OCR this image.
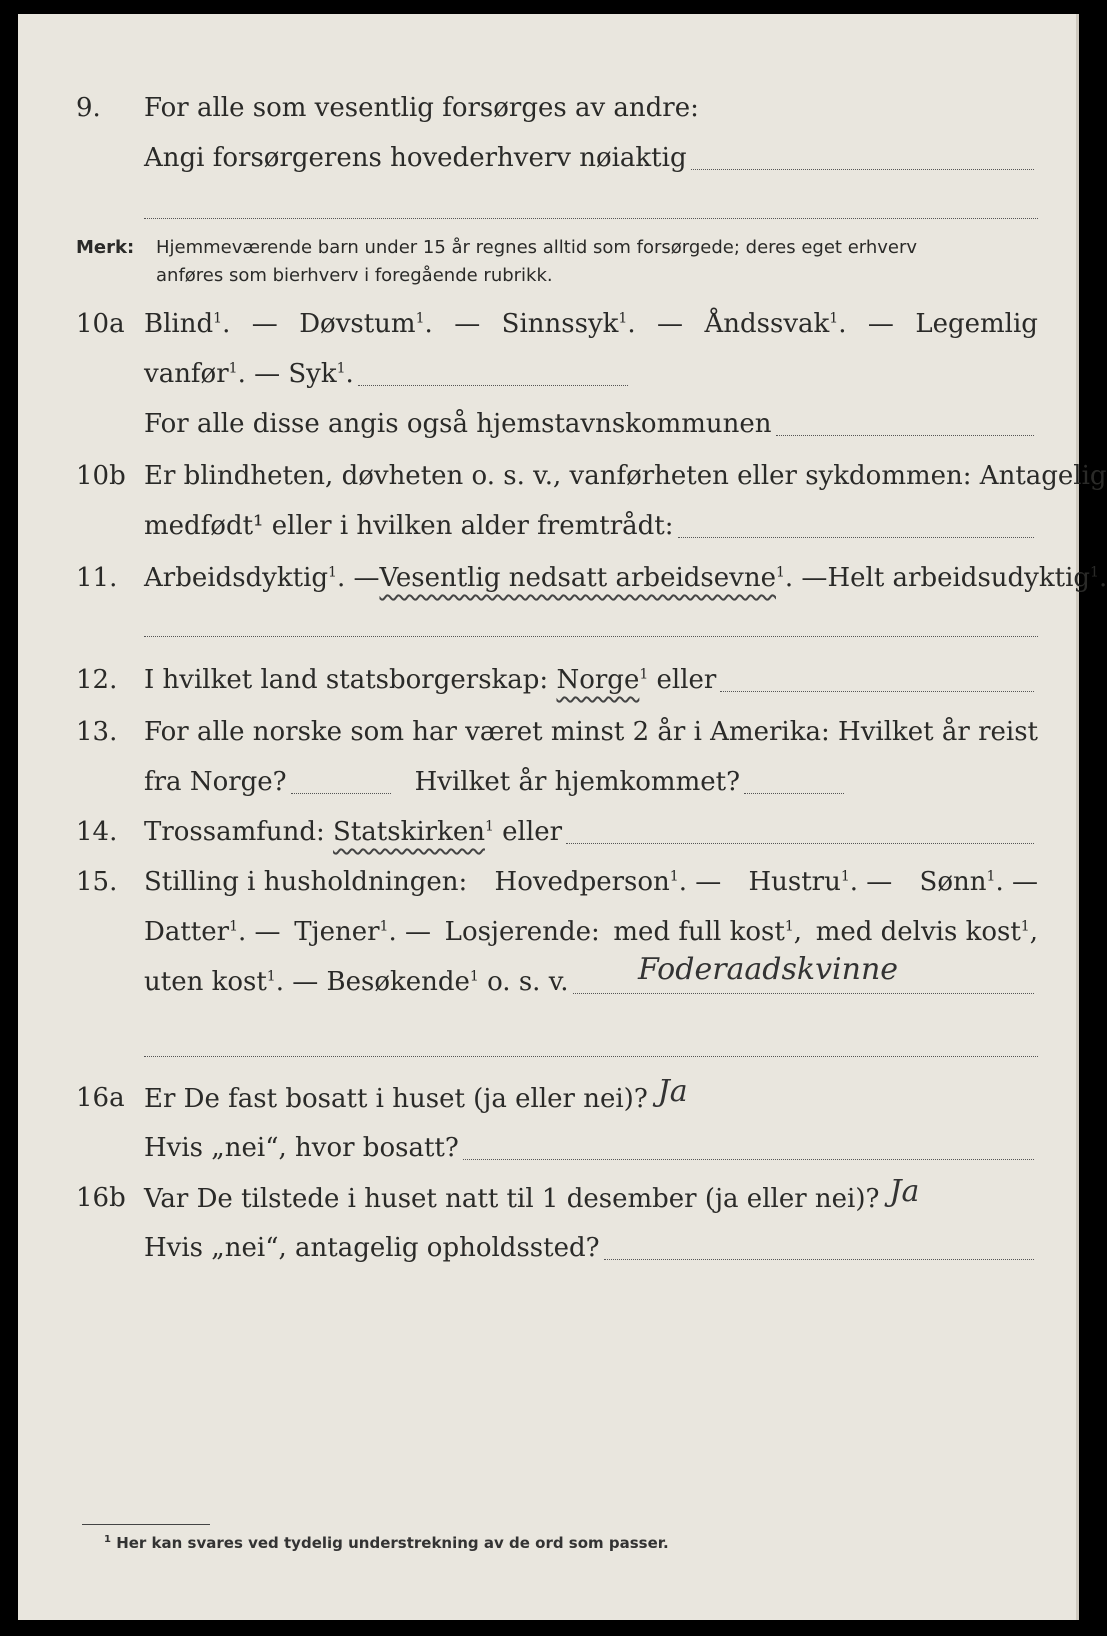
9.	For alle som vesentlig forsørges av andre:
Angi forsørgerens hovederhverv nøiaktig
Merk: Hjemmeværende barn under 15 år regnes alltid som forsørgede; deres eget erhverv
anføres som bierhverv i foregående rubrikk.
10a Blind$^1$. — Døvstum$^1$. — Sinnssyk$^1$. — Åndssvak$^1$. — Legemlig
vanfør$^1$. — Syk$^1$.
For alle disse angis også hjemstavnskommunen
10b Er blindheten, døvheten o. s. v., vanførheten eller sykdommen: Antagelig
medfødt¹ eller i hvilken alder fremtrådt:
11.	Arbeidsdyktig$^1$. — Vesentlig nedsatt arbeidsevne$^1$. — Helt arbeidsudyktig$^1$.
12.	I hvilket land statsborgerskap: Norge$^1$ eller
13.	For alle norske som har været minst 2 år i Amerika: Hvilket år reist
fra Norge?	Hvilket år hjemkommet?
14.	Trossamfund: Statskirken$^1$ eller
15.	Stilling i husholdningen: Hovedperson$^1$. — Hustru$^1$. — Sønn$^1$. —
Datter$^1$. — Tjener$^1$. — Losjerende: med full kost$^1$, med delvis kost$^1$,
uten kost$^1$. — Besøkende$^1$ o. s. v. Foderaadskvinne
16a Er De fast bosatt i huset (ja eller nei)? Ja
Hvis „nei“, hvor bosatt?
16b Var De tilstede i huset natt til 1 desember (ja eller nei)? Ja
Hvis „nei“, antagelig opholdssted?
$^1$ Her kan svares ved tydelig understrekning av de ord som passer.
